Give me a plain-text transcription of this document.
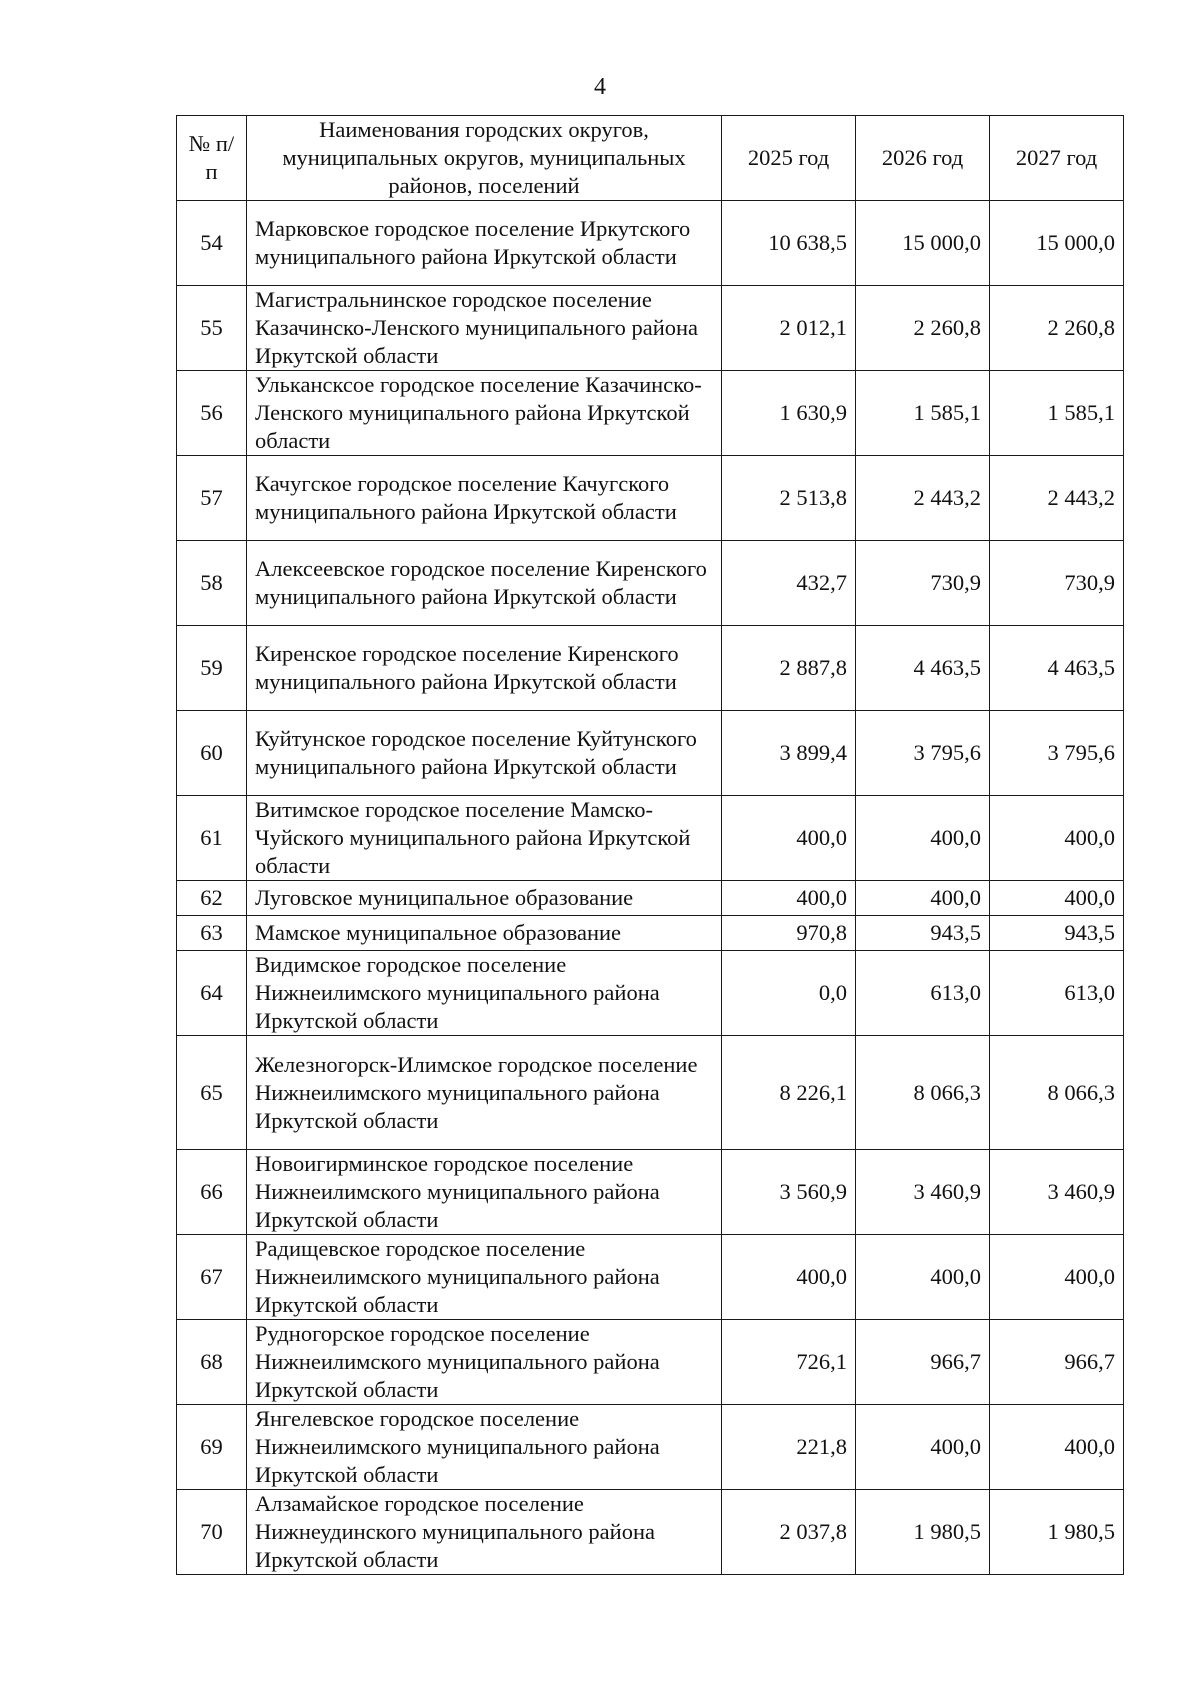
4
№ п/п	Наименования городских округов, муниципальных округов, муниципальных районов, поселений	2025 год	2026 год	2027 год
54	Марковское городское поселение Иркутского муниципального района Иркутской области	10 638,5	15 000,0	15 000,0
55	Магистральнинское городское поселение Казачинско-Ленского муниципального района Иркутской области	2 012,1	2 260,8	2 260,8
56	Улькансксое городское поселение Казачинско-Ленского муниципального района Иркутской области	1 630,9	1 585,1	1 585,1
57	Качугское городское поселение Качугского муниципального района Иркутской области	2 513,8	2 443,2	2 443,2
58	Алексеевское городское поселение Киренского муниципального района Иркутской области	432,7	730,9	730,9
59	Киренское городское поселение Киренского муниципального района Иркутской области	2 887,8	4 463,5	4 463,5
60	Куйтунское городское поселение Куйтунского муниципального района Иркутской области	3 899,4	3 795,6	3 795,6
61	Витимское городское поселение Мамско-Чуйского муниципального района Иркутской области	400,0	400,0	400,0
62	Луговское муниципальное образование	400,0	400,0	400,0
63	Мамское муниципальное образование	970,8	943,5	943,5
64	Видимское городское поселение Нижнеилимского муниципального района Иркутской области	0,0	613,0	613,0
65	Железногорск-Илимское городское поселение Нижнеилимского муниципального района Иркутской области	8 226,1	8 066,3	8 066,3
66	Новоигирминское городское поселение Нижнеилимского муниципального района Иркутской области	3 560,9	3 460,9	3 460,9
67	Радищевское городское поселение Нижнеилимского муниципального района Иркутской области	400,0	400,0	400,0
68	Рудногорское городское поселение Нижнеилимского муниципального района Иркутской области	726,1	966,7	966,7
69	Янгелевское городское поселение Нижнеилимского муниципального района Иркутской области	221,8	400,0	400,0
70	Алзамайское городское поселение Нижнеудинского муниципального района Иркутской области	2 037,8	1 980,5	1 980,5
